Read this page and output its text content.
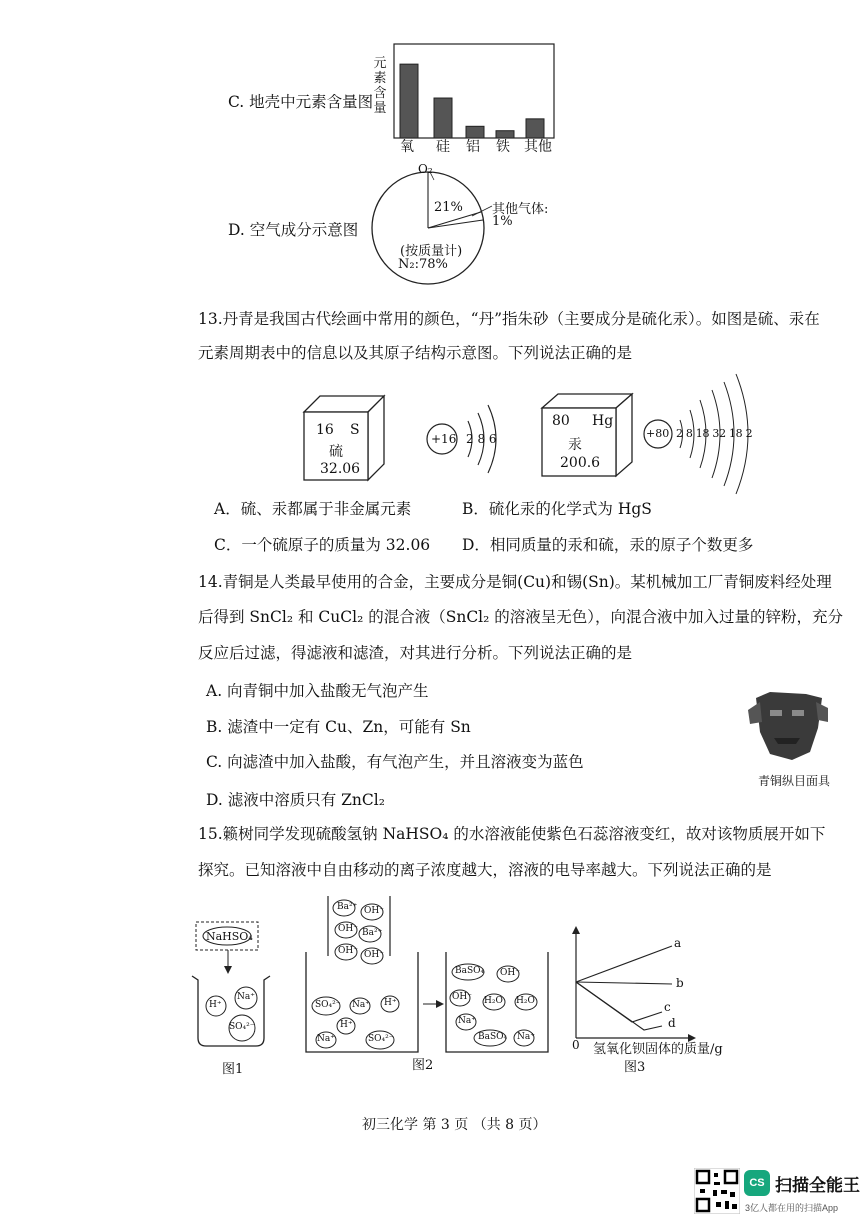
C. 地壳中元素含量图
元
素
含
量
氧 硅 铝 铁 其他
D. 空气成分示意图
O₂
21% 其他气体:
1%
(按质量计)
N₂:78%
13.丹青是我国古代绘画中常用的颜色，“丹”指朱砂（主要成分是硫化汞）。如图是硫、汞在
元素周期表中的信息以及其原子结构示意图。下列说法正确的是
16 S
硫
32.06
+16 2 8 6
80 Hg
汞
200.6
+80 2 8 18 32 18 2
A．硫、汞都属于非金属元素	B．硫化汞的化学式为 HgS
C．一个硫原子的质量为 32.06 D．相同质量的汞和硫，汞的原子个数更多
14.青铜是人类最早使用的合金，主要成分是铜(Cu)和锡(Sn)。某机械加工厂青铜废料经处理
后得到 SnCl₂ 和 CuCl₂ 的混合液（SnCl₂ 的溶液呈无色），向混合液中加入过量的锌粉，充分
反应后过滤，得滤液和滤渣，对其进行分析。下列说法正确的是
A. 向青铜中加入盐酸无气泡产生
B. 滤渣中一定有 Cu、Zn，可能有 Sn
C. 向滤渣中加入盐酸，有气泡产生，并且溶液变为蓝色
D. 滤液中溶质只有 ZnCl₂
青铜纵目面具
15.籁树同学发现硫酸氢钠 NaHSO₄ 的水溶液能使紫色石蕊溶液变红，故对该物质展开如下
探究。已知溶液中自由移动的离子浓度越大，溶液的电导率越大。下列说法正确的是
NaHSO₄
H⁺
Na⁺
SO₄²⁻
图1
Ba²⁺ OH⁻
OH⁻ Ba²⁺
OH⁻ OH⁻
SO₄²⁻ Na⁺ H⁺
H⁺
Na⁺	SO₄²⁻
BaSO₄ OH⁻
OH⁻ H₂O H₂O
Na⁺
BaSO₄ Na⁺
图2
a
b
c
d
0 氢氧化钡固体的质量/g
图3
初三化学 第 3 页 （共 8 页）
CS 扫描全能王
3亿人都在用的扫描App
